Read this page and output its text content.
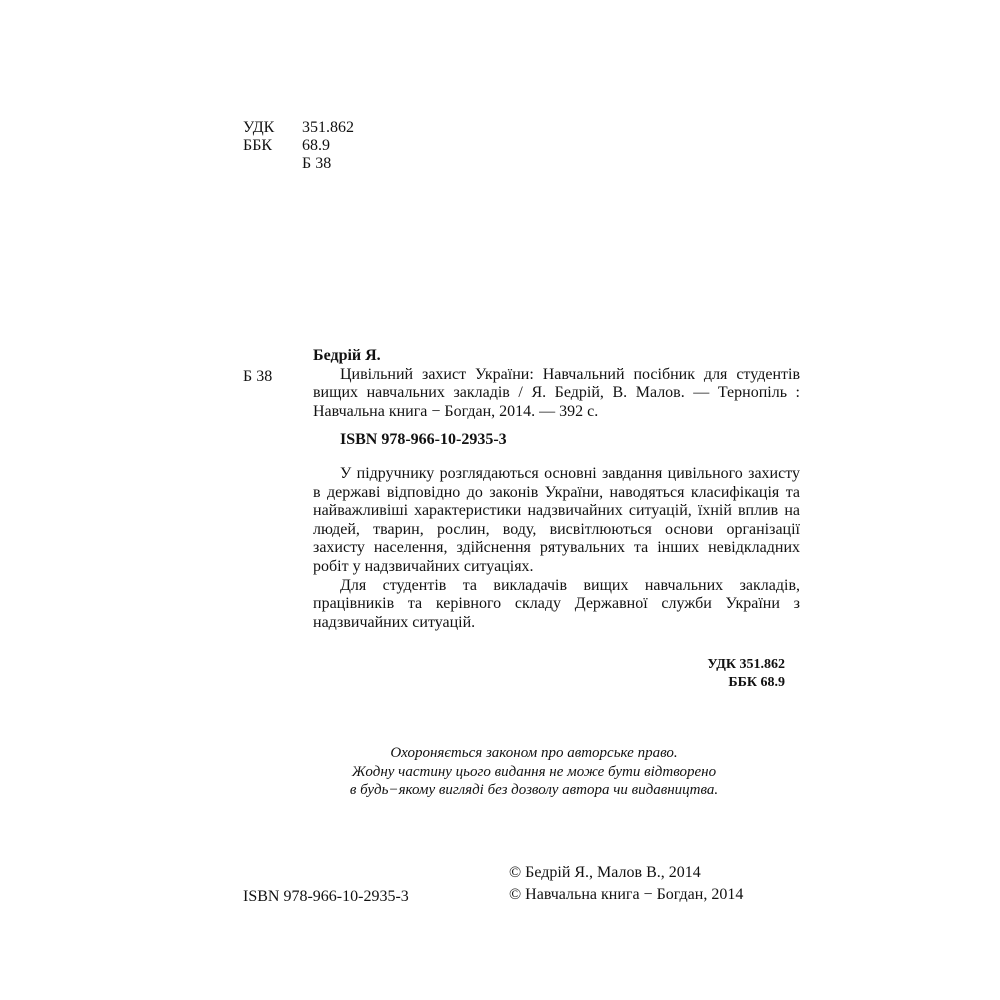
УДК 351.862
ББК 68.9
Б 38
Б 38
Бедрій Я.
Цивільний захист України: Навчальний посібник для студентів вищих навчальних закладів / Я. Бедрій, В. Малов. — Тернопіль : Навчальна книга − Богдан, 2014. — 392 с.
ISBN 978-966-10-2935-3

У підручнику розглядаються основні завдання цивільного захисту в державі відповідно до законів України, наводяться класифікація та найважливіші характеристики надзвичайних ситуацій, їхній вплив на людей, тварин, рослин, воду, висвітлюються основи організації захисту населення, здійснення рятувальних та інших невідкладних робіт у надзвичайних ситуаціях.

Для студентів та викладачів вищих навчальних закладів, працівників та керівного складу Державної служби України з надзвичайних ситуацій.

УДК 351.862
ББК 68.9
Охороняється законом про авторське право.
Жодну частину цього видання не може бути відтворено
в будь−якому вигляді без дозволу автора чи видавництва.
ISBN 978-966-10-2935-3
© Бедрій Я., Малов В., 2014
© Навчальна книга − Богдан, 2014
